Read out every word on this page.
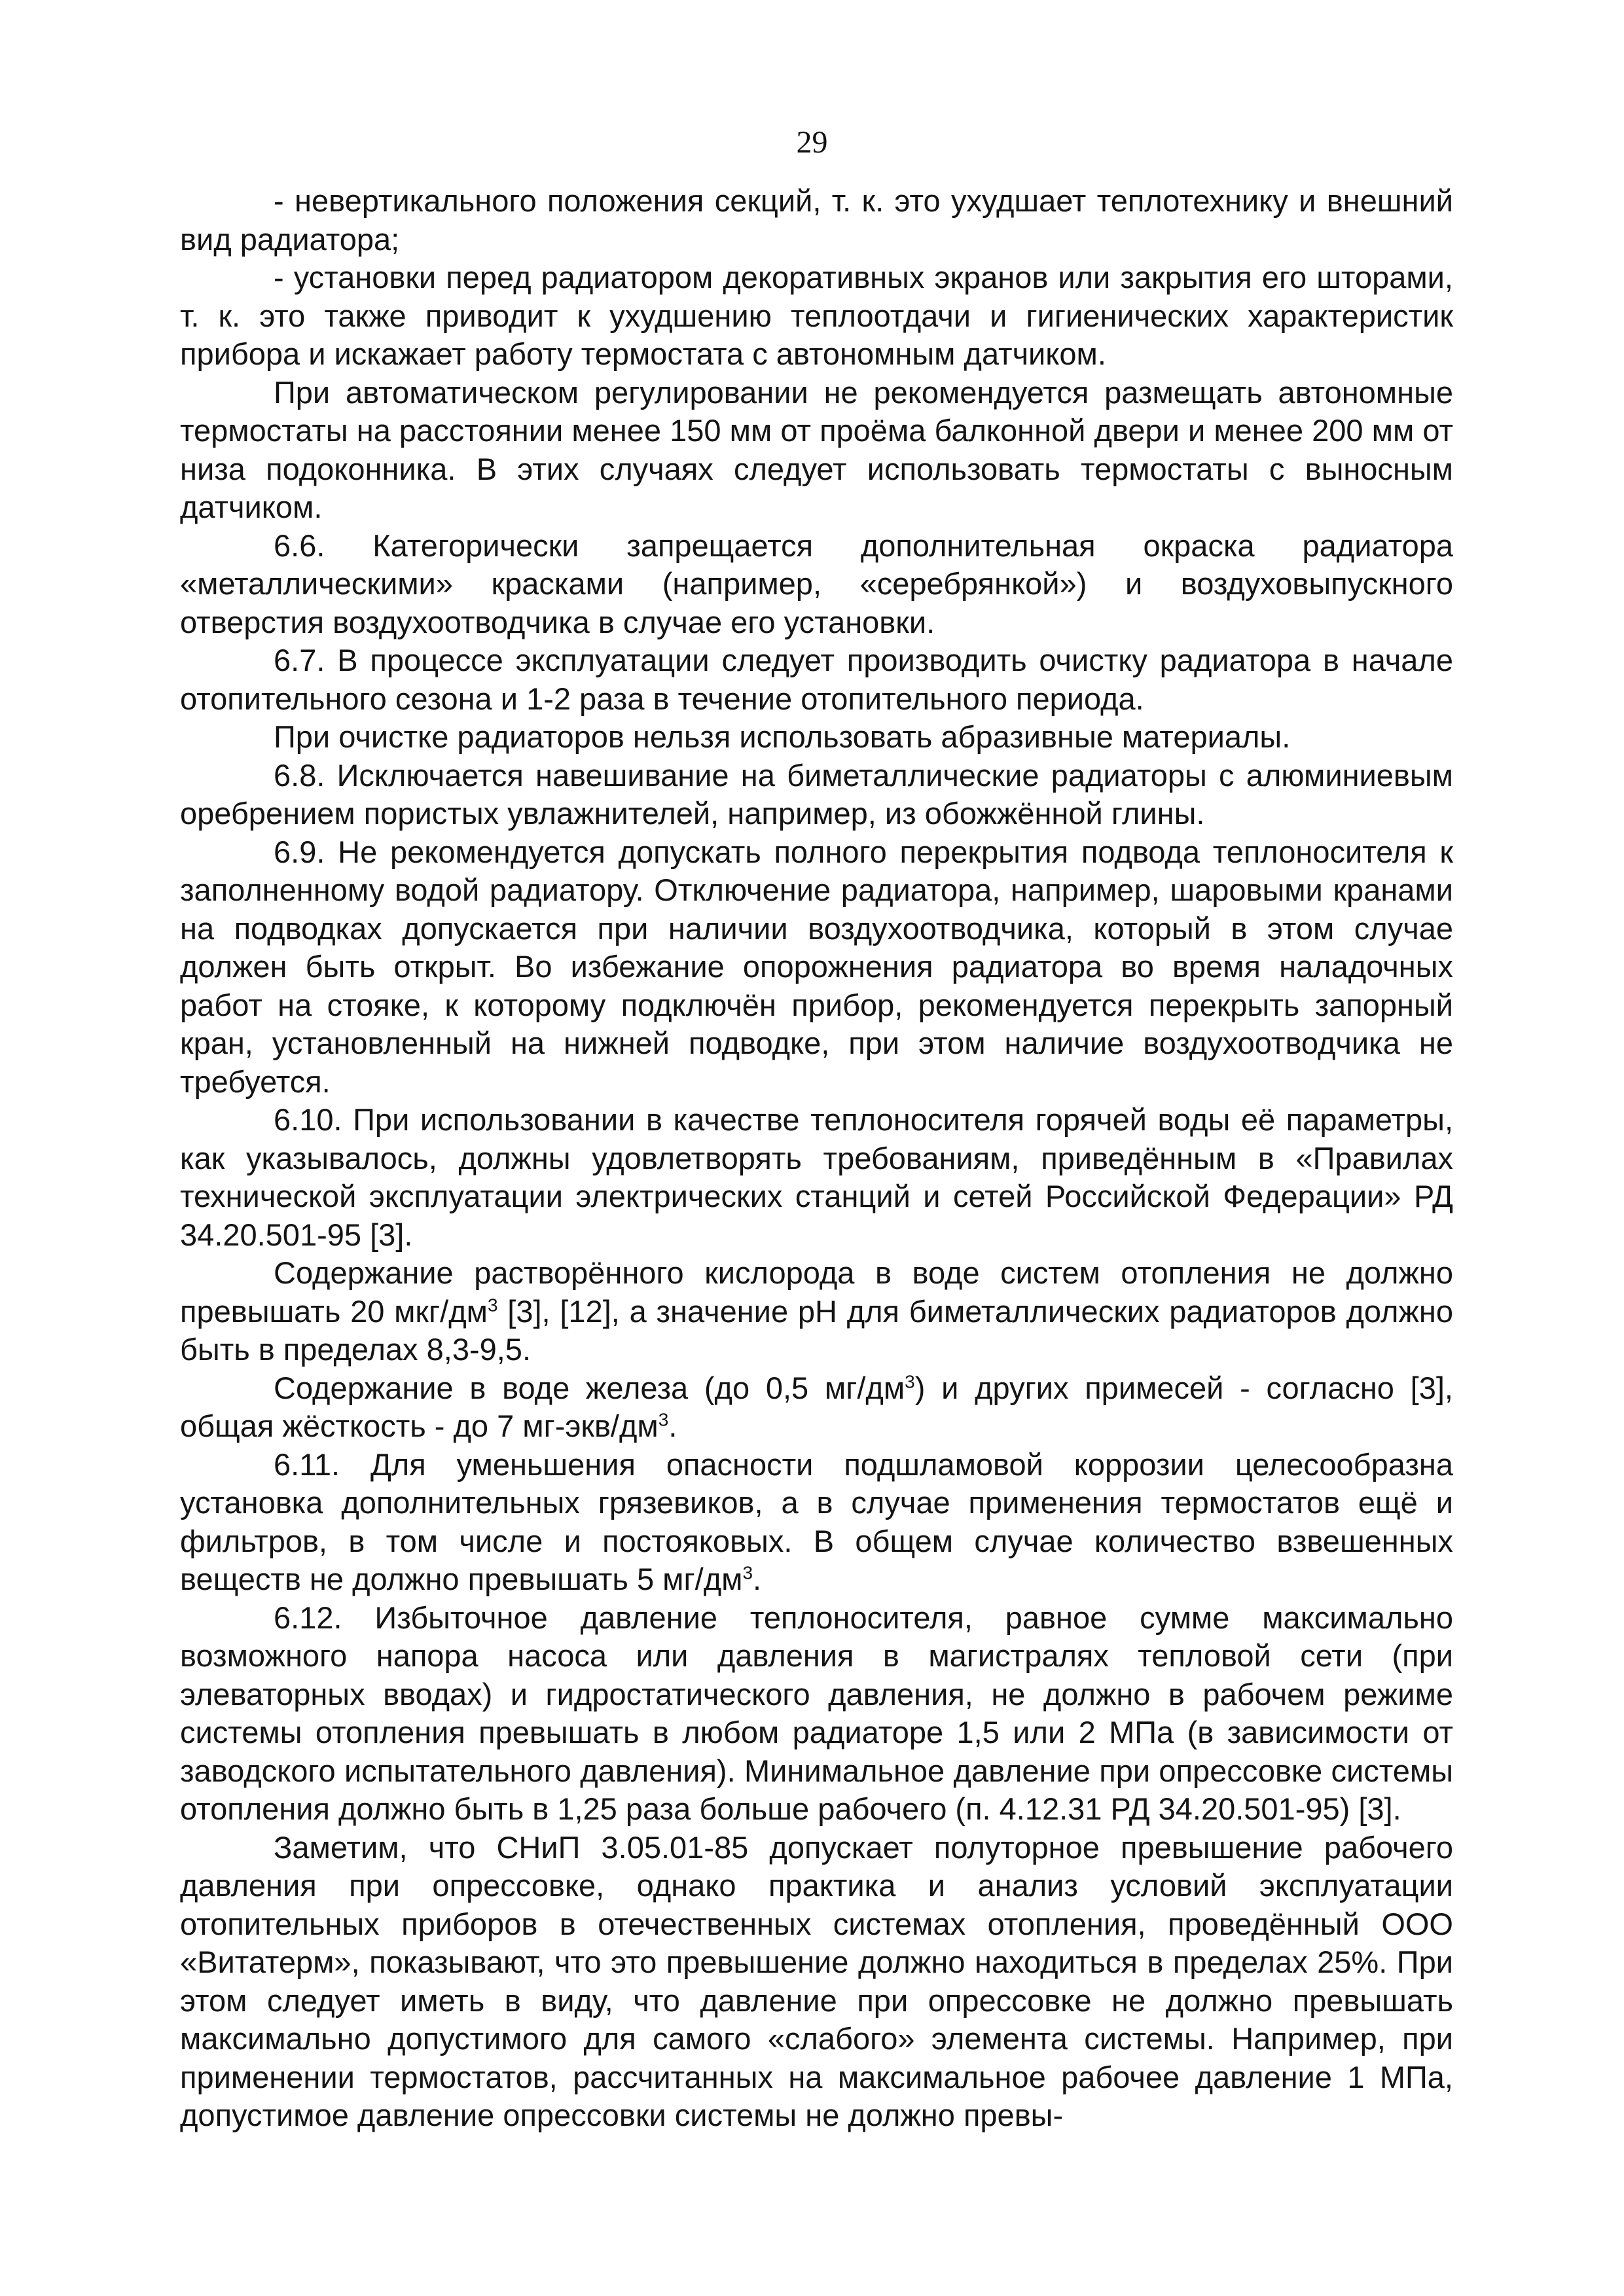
29

- невертикального положения секций, т. к. это ухудшает теплотехнику и внешний вид радиатора;

- установки перед радиатором декоративных экранов или закрытия его шторами, т. к. это также приводит к ухудшению теплоотдачи и гигиенических характеристик прибора и искажает работу термостата с автономным датчиком.

При автоматическом регулировании не рекомендуется размещать автономные термостаты на расстоянии менее 150 мм от проёма балконной двери и менее 200 мм от низа подоконника. В этих случаях следует использовать термостаты с выносным датчиком.

6.6. Категорически запрещается дополнительная окраска радиатора «металлическими» красками (например, «серебрянкой») и воздуховыпускного отверстия воздухоотводчика в случае его установки.

6.7. В процессе эксплуатации следует производить очистку радиатора в начале отопительного сезона и 1-2 раза в течение отопительного периода.

При очистке радиаторов нельзя использовать абразивные материалы.

6.8. Исключается навешивание на биметаллические радиаторы с алюминиевым оребрением пористых увлажнителей, например, из обожжённой глины.

6.9. Не рекомендуется допускать полного перекрытия подвода теплоносителя к заполненному водой радиатору. Отключение радиатора, например, шаровыми кранами на подводках допускается при наличии воздухоотводчика, который в этом случае должен быть открыт. Во избежание опорожнения радиатора во время наладочных работ на стояке, к которому подключён прибор, рекомендуется перекрыть запорный кран, установленный на нижней подводке, при этом наличие воздухоотводчика не требуется.

6.10. При использовании в качестве теплоносителя горячей воды её параметры, как указывалось, должны удовлетворять требованиям, приведённым в «Правилах технической эксплуатации электрических станций и сетей Российской Федерации» РД 34.20.501-95 [3].

Содержание растворённого кислорода в воде систем отопления не должно превышать 20 мкг/$дм^3$ [3], [12], а значение рН для биметаллических радиаторов должно быть в пределах 8,3-9,5.

Содержание в воде железа (до 0,5 $мг/дм^3$) и других примесей - согласно [3], общая жёсткость - до 7 $мг-экв/дм^3$.

6.11. Для уменьшения опасности подшламовой коррозии целесообразна установка дополнительных грязевиков, а в случае применения термостатов ещё и фильтров, в том числе и постояковых. В общем случае количество взвешенных веществ не должно превышать 5 $мг/дм^3$.

6.12. Избыточное давление теплоносителя, равное сумме максимально возможного напора насоса или давления в магистралях тепловой сети (при элеваторных вводах) и гидростатического давления, не должно в рабочем режиме системы отопления превышать в любом радиаторе 1,5 или 2 МПа (в зависимости от заводского испытательного давления). Минимальное давление при опрессовке системы отопления должно быть в 1,25 раза больше рабочего (п. 4.12.31 РД 34.20.501-95) [3].

Заметим, что СНиП 3.05.01-85 допускает полуторное превышение рабочего давления при опрессовке, однако практика и анализ условий эксплуатации отопительных приборов в отечественных системах отопления, проведённый ООО «Витатерм», показывают, что это превышение должно находиться в пределах 25%. При этом следует иметь в виду, что давление при опрессовке не должно превышать максимально допустимого для самого «слабого» элемента системы. Например, при применении термостатов, рассчитанных на максимальное рабочее давление 1 МПа, допустимое давление опрессовки системы не должно превы-
